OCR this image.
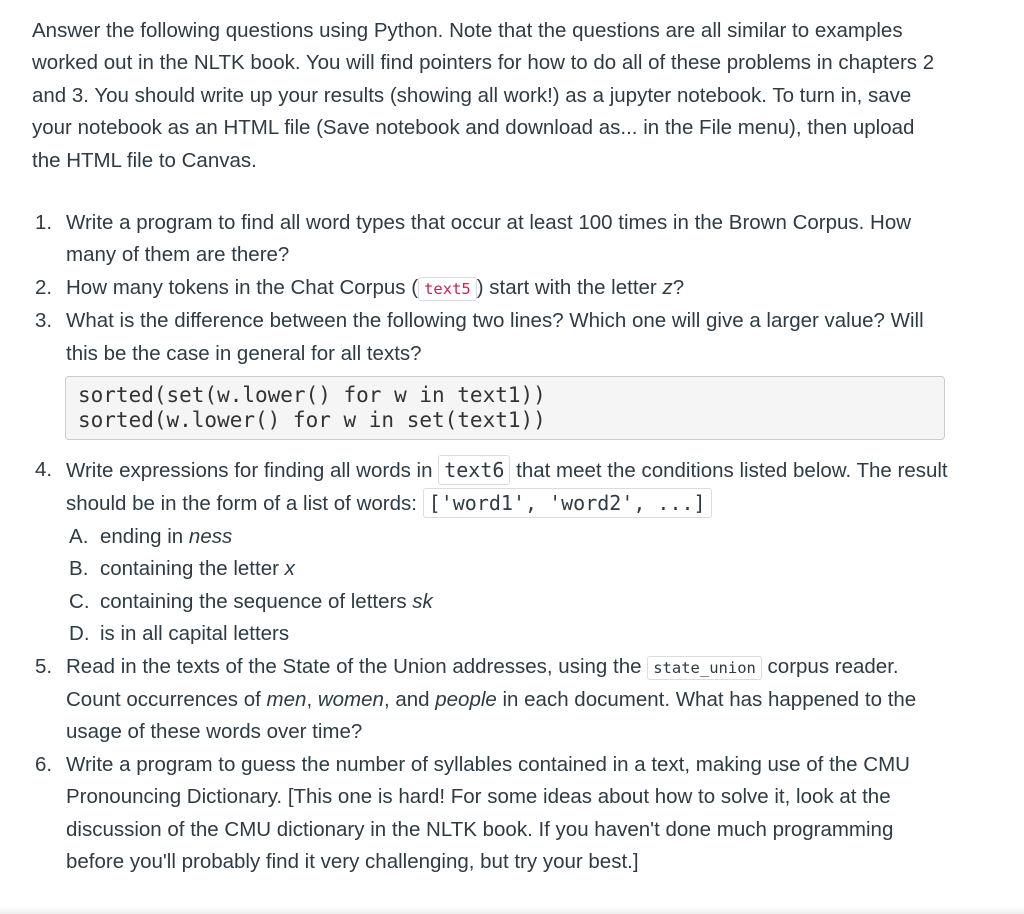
Answer the following questions using Python. Note that the questions are all similar to examples worked out in the NLTK book. You will find pointers for how to do all of these problems in chapters 2 and 3. You should write up your results (showing all work!) as a jupyter notebook. To turn in, save your notebook as an HTML file (Save notebook and download as... in the File menu), then upload the HTML file to Canvas.

Write a program to find all word types that occur at least 100 times in the Brown Corpus. How many of them are there?
How many tokens in the Chat Corpus ( text5 ) start with the letter z?
What is the difference between the following two lines? Which one will give a larger value? Will this be the case in general for all texts?
sorted(set(w.lower() for w in text1))
sorted(w.lower() for w in set(text1))
Write expressions for finding all words in text6 that meet the conditions listed below. The result should be in the form of a list of words: ['word1', 'word2', ...]
ending in ness
containing the letter x
containing the sequence of letters sk
is in all capital letters
Read in the texts of the State of the Union addresses, using the state_union corpus reader. Count occurrences of men, women, and people in each document. What has happened to the usage of these words over time?
Write a program to guess the number of syllables contained in a text, making use of the CMU Pronouncing Dictionary. [This one is hard! For some ideas about how to solve it, look at the discussion of the CMU dictionary in the NLTK book. If you haven't done much programming before you'll probably find it very challenging, but try your best.]
